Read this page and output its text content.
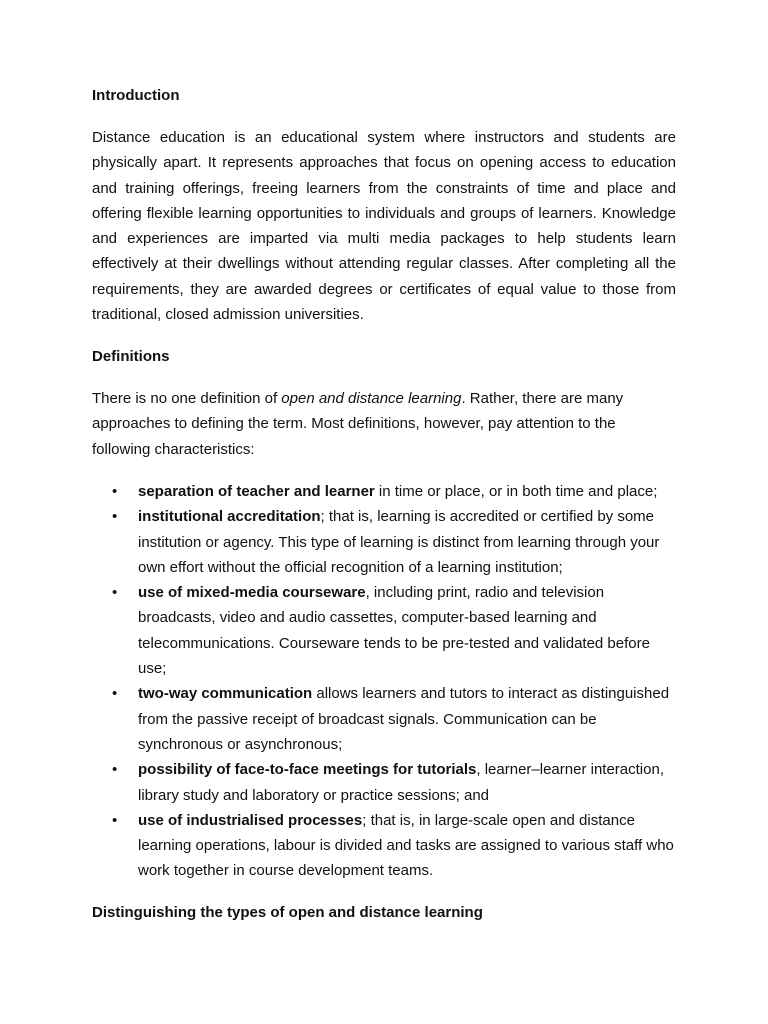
Introduction

Distance education is an educational system where instructors and students are physically apart. It represents approaches that focus on opening access to education and training offerings, freeing learners from the constraints of time and place and offering flexible learning opportunities to individuals and groups of learners. Knowledge and experiences are imparted via multi media packages to help students learn effectively at their dwellings without attending regular classes. After completing all the requirements, they are awarded degrees or certificates of equal value to those from traditional, closed admission universities.

Definitions

There is no one definition of open and distance learning. Rather, there are many approaches to defining the term. Most definitions, however, pay attention to the following characteristics:

• separation of teacher and learner in time or place, or in both time and place;
• institutional accreditation; that is, learning is accredited or certified by some institution or agency. This type of learning is distinct from learning through your own effort without the official recognition of a learning institution;
• use of mixed-media courseware, including print, radio and television broadcasts, video and audio cassettes, computer-based learning and telecommunications. Courseware tends to be pre-tested and validated before use;
• two-way communication allows learners and tutors to interact as distinguished from the passive receipt of broadcast signals. Communication can be synchronous or asynchronous;
• possibility of face-to-face meetings for tutorials, learner–learner interaction, library study and laboratory or practice sessions; and
• use of industrialised processes; that is, in large-scale open and distance learning operations, labour is divided and tasks are assigned to various staff who work together in course development teams.
Distinguishing the types of open and distance learning
